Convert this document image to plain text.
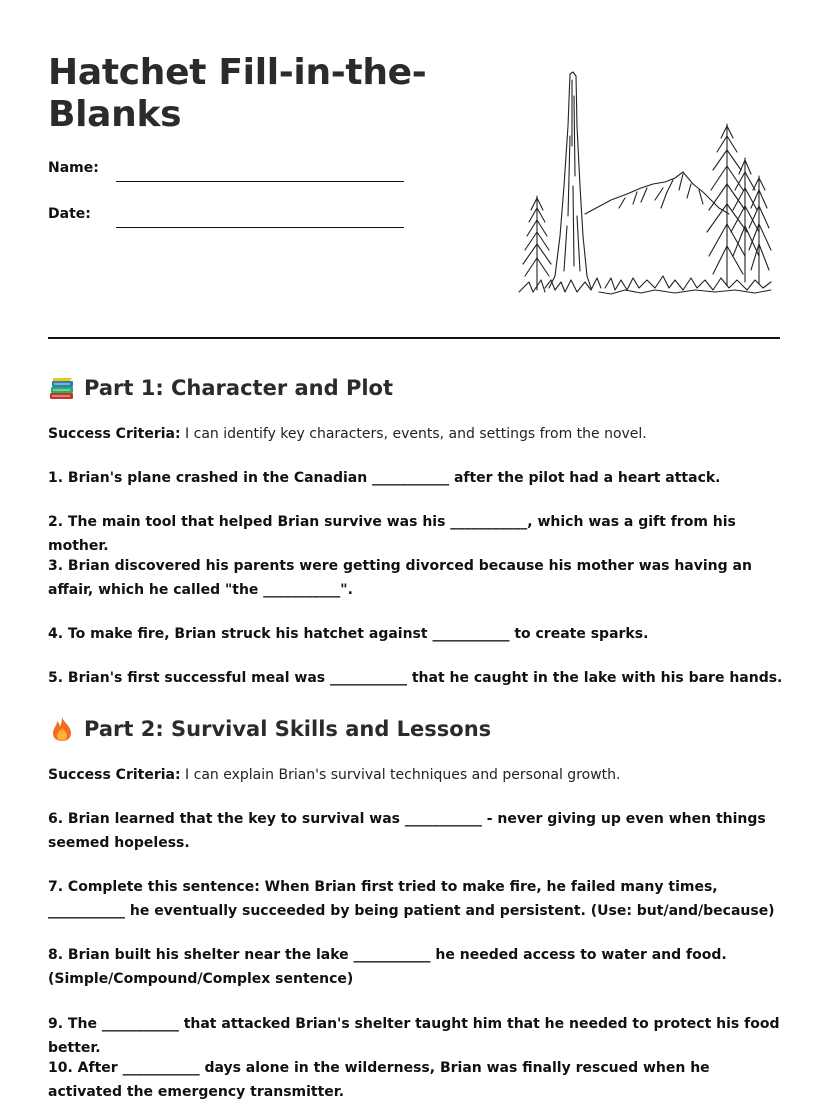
Hatchet Fill-in-the-Blanks
Name:
Date:
Part 1: Character and Plot
Success Criteria: I can identify key characters, events, and settings from the novel.
1. Brian's plane crashed in the Canadian ___________ after the pilot had a heart attack.
2. The main tool that helped Brian survive was his ___________, which was a gift from his mother.
3. Brian discovered his parents were getting divorced because his mother was having an affair, which he called "the ___________".
4. To make fire, Brian struck his hatchet against ___________ to create sparks.
5. Brian's first successful meal was ___________ that he caught in the lake with his bare hands.
Part 2: Survival Skills and Lessons
Success Criteria: I can explain Brian's survival techniques and personal growth.
6. Brian learned that the key to survival was ___________ - never giving up even when things seemed hopeless.
7. Complete this sentence: When Brian first tried to make fire, he failed many times, ___________ he eventually succeeded by being patient and persistent. (Use: but/and/because)
8. Brian built his shelter near the lake ___________ he needed access to water and food. (Simple/Compound/Complex sentence)
9. The ___________ that attacked Brian's shelter taught him that he needed to protect his food better.
10. After ___________ days alone in the wilderness, Brian was finally rescued when he activated the emergency transmitter.
